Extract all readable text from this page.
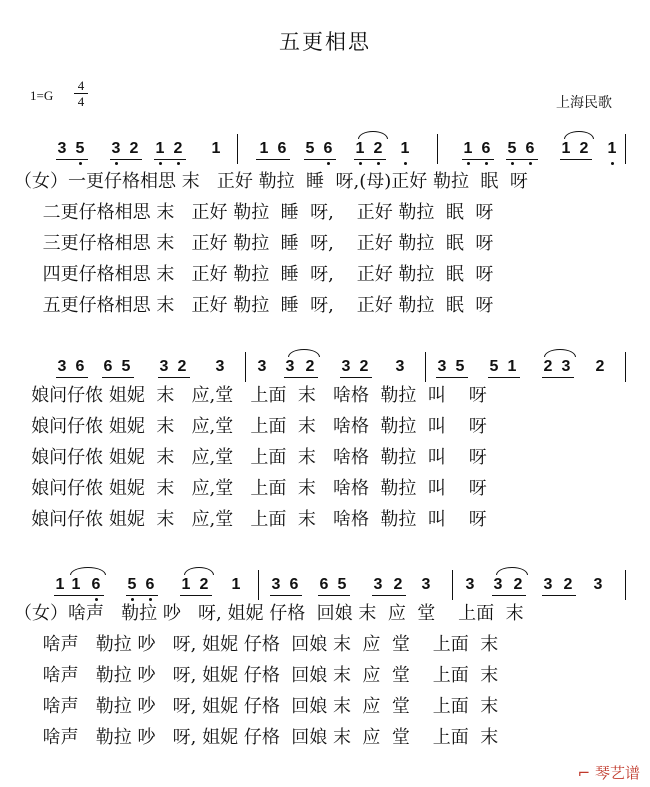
五更相思
1=G
4
4	上海民歌
3 5 3 2 1 2 1 1 6 5 6 1 2 1	1 6 5 6 1 2 1
（女）一更仔格相思 末   正好 勒拉  睡  呀,(母)正好 勒拉  眠  呀
二更仔格相思 末   正好 勒拉  睡  呀,    正好 勒拉  眠  呀
三更仔格相思 末   正好 勒拉  睡  呀,    正好 勒拉  眠  呀
四更仔格相思 末   正好 勒拉  睡  呀,    正好 勒拉  眠  呀
五更仔格相思 末   正好 勒拉  睡  呀,    正好 勒拉  眠  呀
3 6 6 5 3 2 3 3 3 2 3 2 3 3 5 5 1 2 3 2
娘问仔侬 姐妮  末   应,堂   上面  末   啥格  勒拉  叫    呀
娘问仔侬 姐妮  末   应,堂   上面  末   啥格  勒拉  叫    呀
娘问仔侬 姐妮  末   应,堂   上面  末   啥格  勒拉  叫    呀
娘问仔侬 姐妮  末   应,堂   上面  末   啥格  勒拉  叫    呀
娘问仔侬 姐妮  末   应,堂   上面  末   啥格  勒拉  叫    呀
1 1 6 5 6 1 2 1 3 6 6 5 3 2 3 3 3 2 3 2 3
（女）啥声   勒拉 吵   呀, 姐妮 仔格  回娘 末  应  堂    上面  末
啥声   勒拉 吵   呀, 姐妮 仔格  回娘 末  应  堂    上面  末
啥声   勒拉 吵   呀, 姐妮 仔格  回娘 末  应  堂    上面  末
啥声   勒拉 吵   呀, 姐妮 仔格  回娘 末  应  堂    上面  末
啥声   勒拉 吵   呀, 姐妮 仔格  回娘 末  应  堂    上面  末
⌐ 琴艺谱
